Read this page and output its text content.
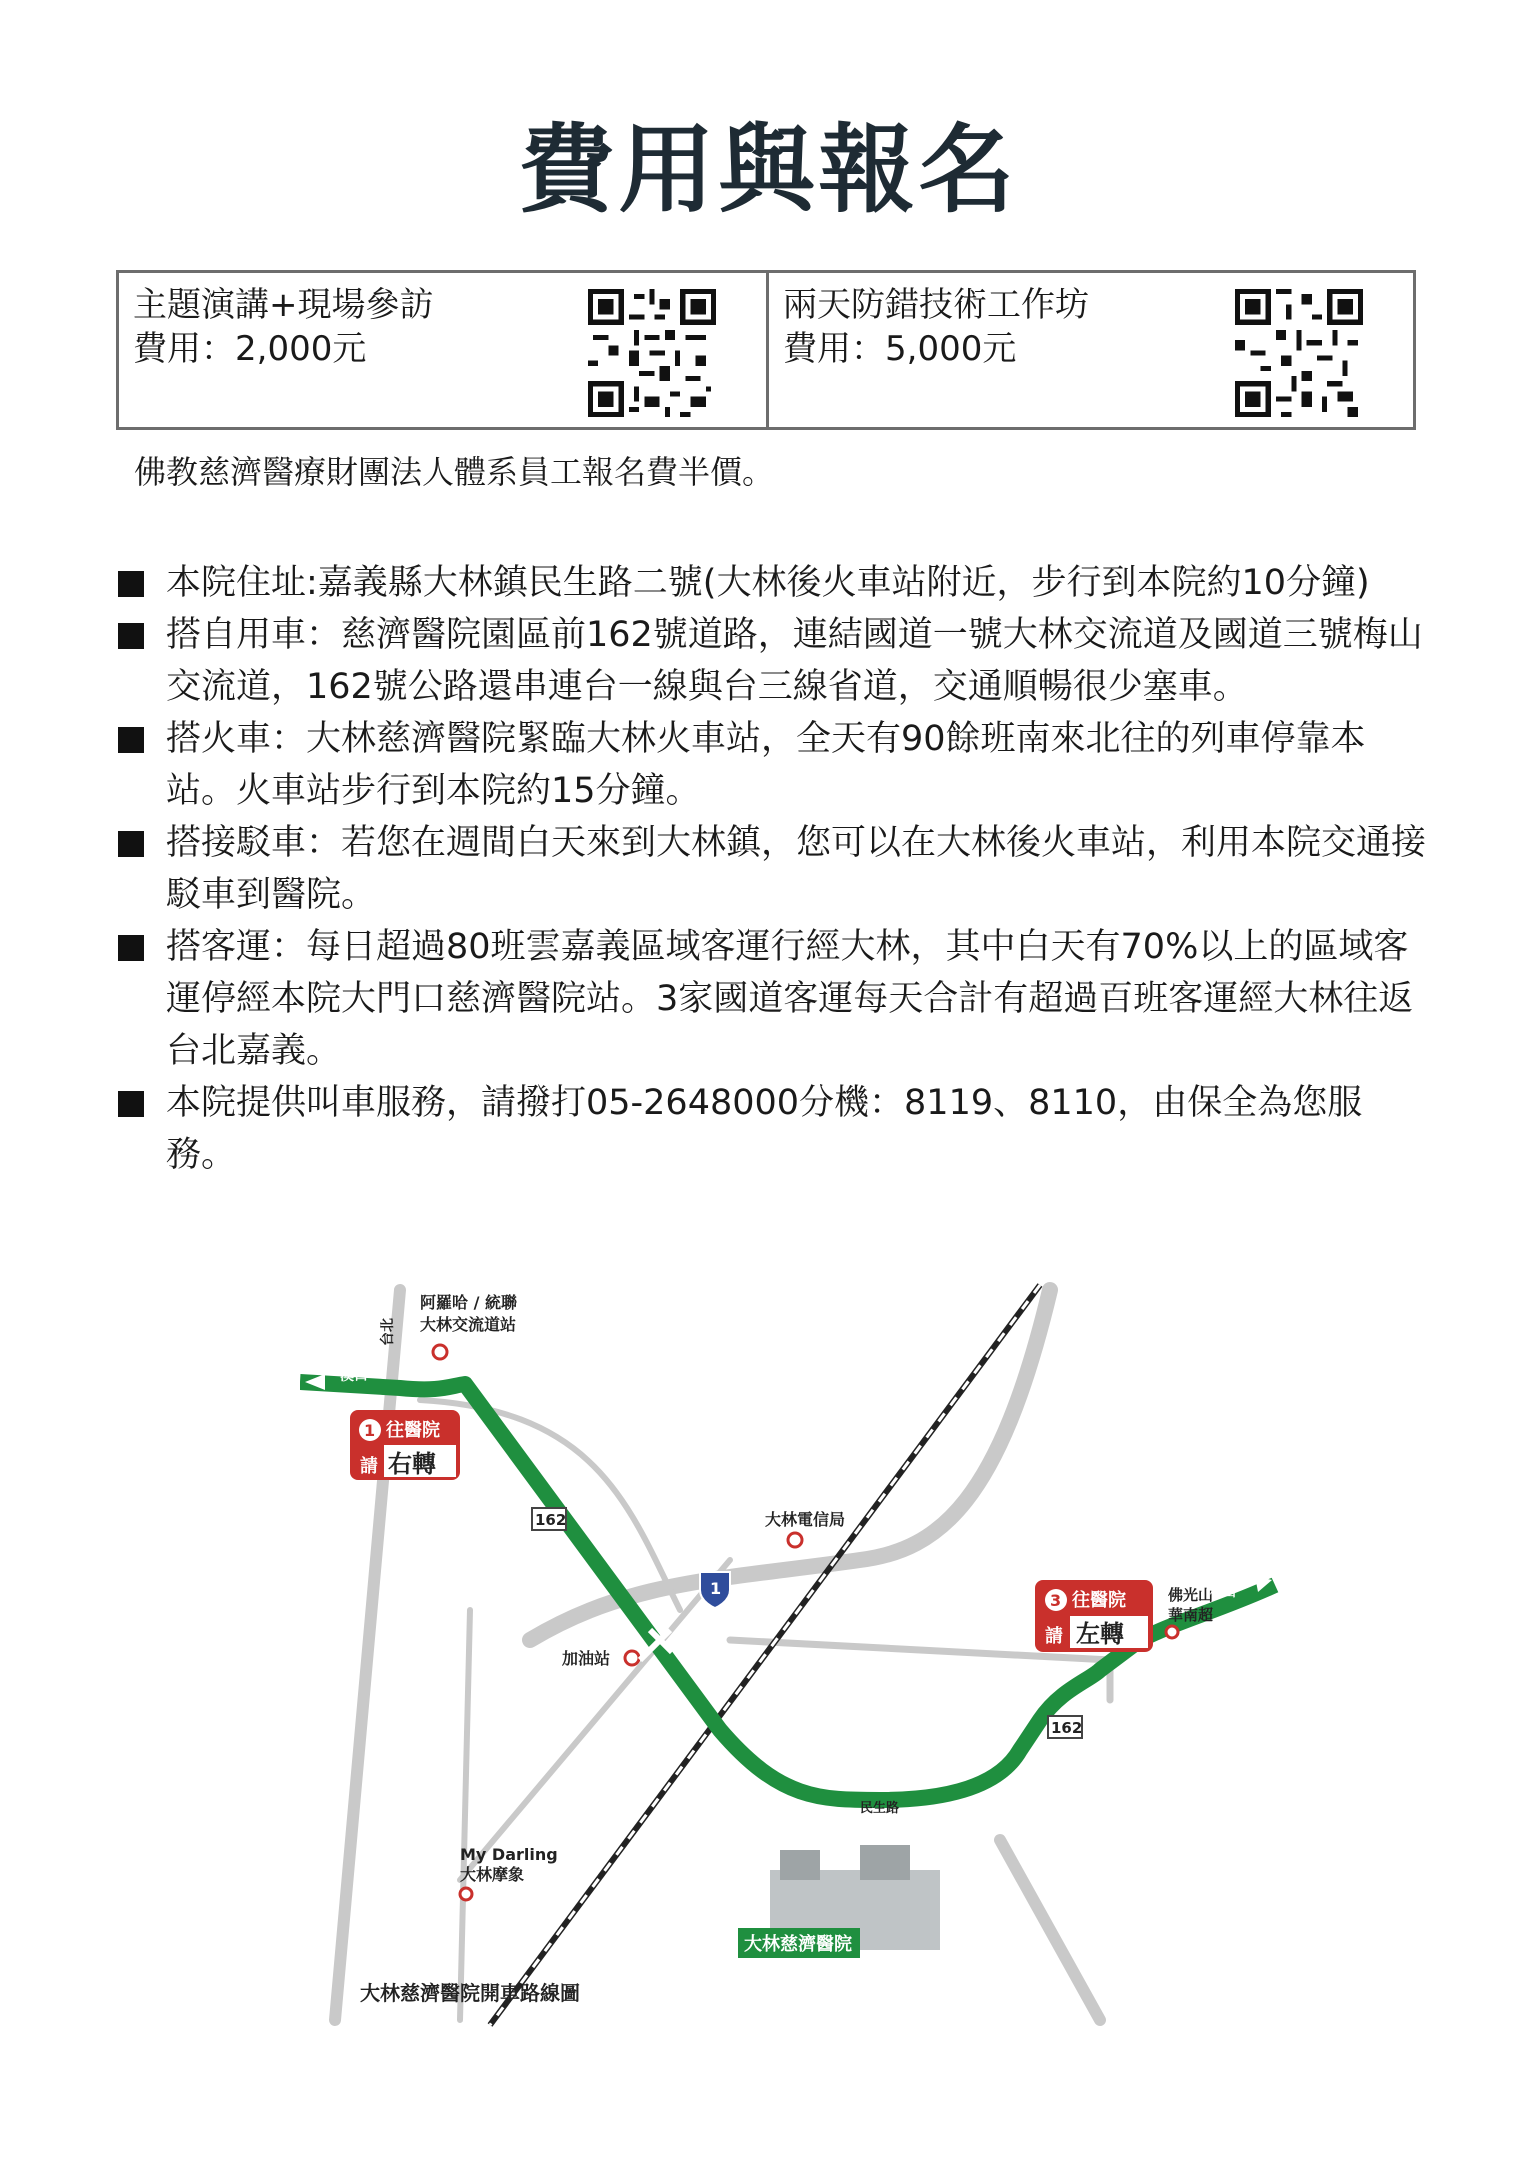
費用與報名
主題演講+現場參訪
費用：2,000元
兩天防錯技術工作坊
費用：5,000元
佛教慈濟醫療財團法人體系員工報名費半價。
本院住址:嘉義縣大林鎮民生路二號(大林後火車站附近，步行到本院約10分鐘)
搭自用車：慈濟醫院園區前162號道路，連結國道一號大林交流道及國道三號梅山交流道，162號公路還串連台一線與台三線省道，交通順暢很少塞車。
搭火車：大林慈濟醫院緊臨大林火車站，全天有90餘班南來北往的列車停靠本站。火車站步行到本院約15分鐘。
搭接駁車：若您在週間白天來到大林鎮，您可以在大林後火車站，利用本院交通接駁車到醫院。
搭客運：每日超過80班雲嘉義區域客運行經大林，其中白天有70%以上的區域客運停經本院大門口慈濟醫院站。3家國道客運每天合計有超過百班客運經大林往返台北嘉義。
本院提供叫車服務，請撥打05-2648000分機：8119、8110，由保全為您服務。
阿羅哈 / 統聯
大林交流道站
溪口
台北
1 往醫院
請 右轉
162
162
1
大林電信局
加油站
3 往醫院
請 左轉
佛光山
華南超
梅山
My Darling
大林摩象
大林慈濟醫院
民生路
大林慈濟醫院開車路線圖
